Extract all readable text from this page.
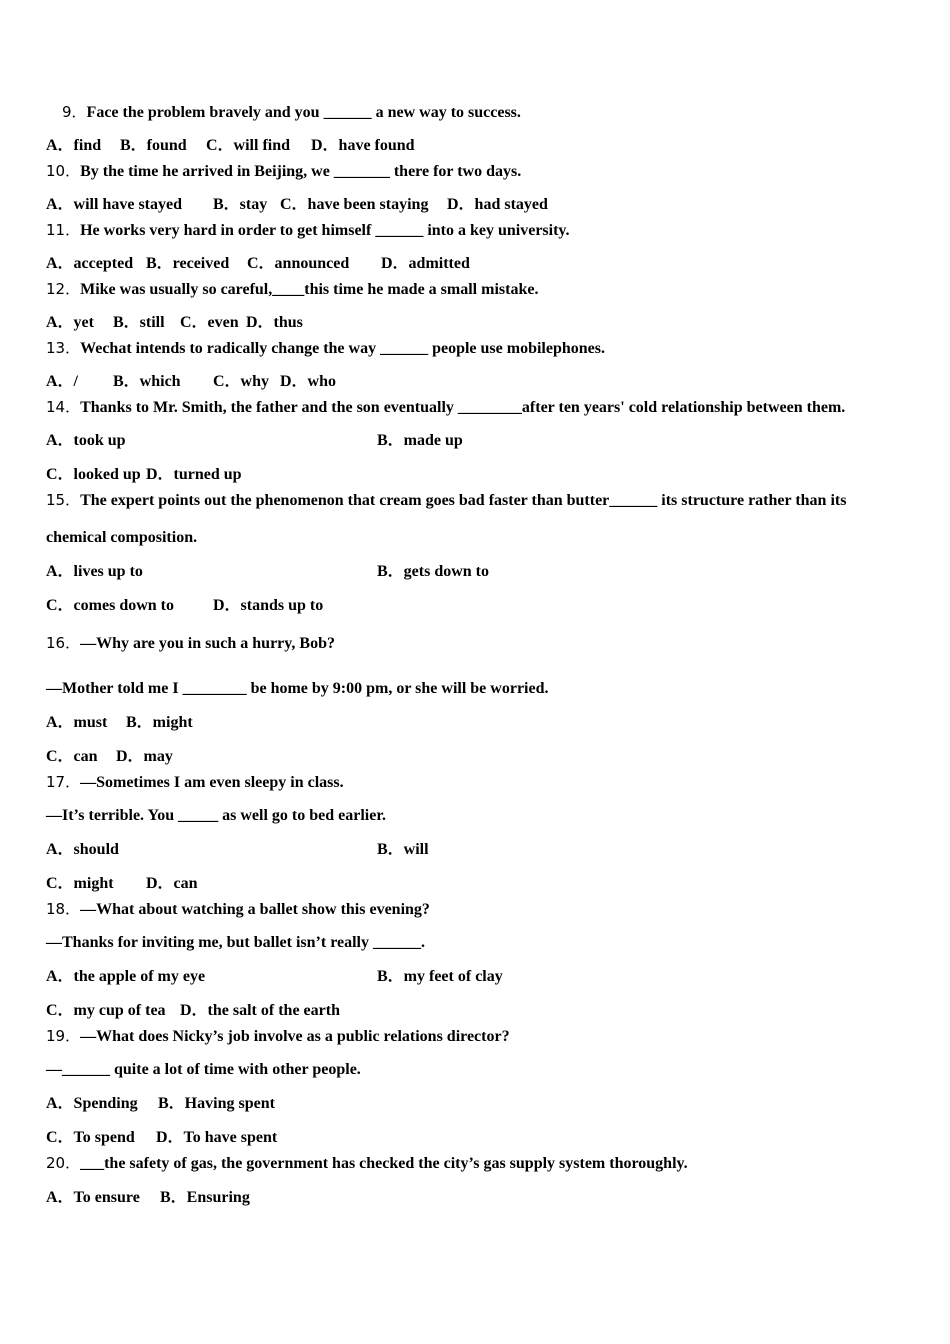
9．Face the problem bravely and you ______ a new way to success.
A．find B．found C．will find D．have found
10．By the time he arrived in Beijing, we _______ there for two days.
A．will have stayed B．stay C．have been staying D．had stayed
11．He works very hard in order to get himself ______ into a key university.
A．accepted B．received C．announced D．admitted
12．Mike was usually so careful,____this time he made a small mistake.
A．yet B．still C．even D．thus
13．Wechat intends to radically change the way ______ people use mobilephones.
A．/ B．which C．why D．who
14．Thanks to Mr. Smith, the father and the son eventually ________after ten years' cold relationship between them.
A．took up	B．made up
C．looked up D．turned up
15．The expert points out the phenomenon that cream goes bad faster than butter______ its structure rather than its
chemical composition.
A．lives up to	B．gets down to
C．comes down to D．stands up to
16．—Why are you in such a hurry, Bob?
—Mother told me I ________ be home by 9:00 pm, or she will be worried.
A．must B．might
C．can D．may
17．—Sometimes I am even sleepy in class.
—It’s terrible. You _____ as well go to bed earlier.
A．should	B．will
C．might D．can
18．—What about watching a ballet show this evening?
—Thanks for inviting me, but ballet isn’t really ______.
A．the apple of my eye	B．my feet of clay
C．my cup of tea D．the salt of the earth
19．—What does Nicky’s job involve as a public relations director?
—______ quite a lot of time with other people.
A．Spending B．Having spent
C．To spend D．To have spent
20．___the safety of gas, the government has checked the city’s gas supply system thoroughly.
A．To ensure B．Ensuring
